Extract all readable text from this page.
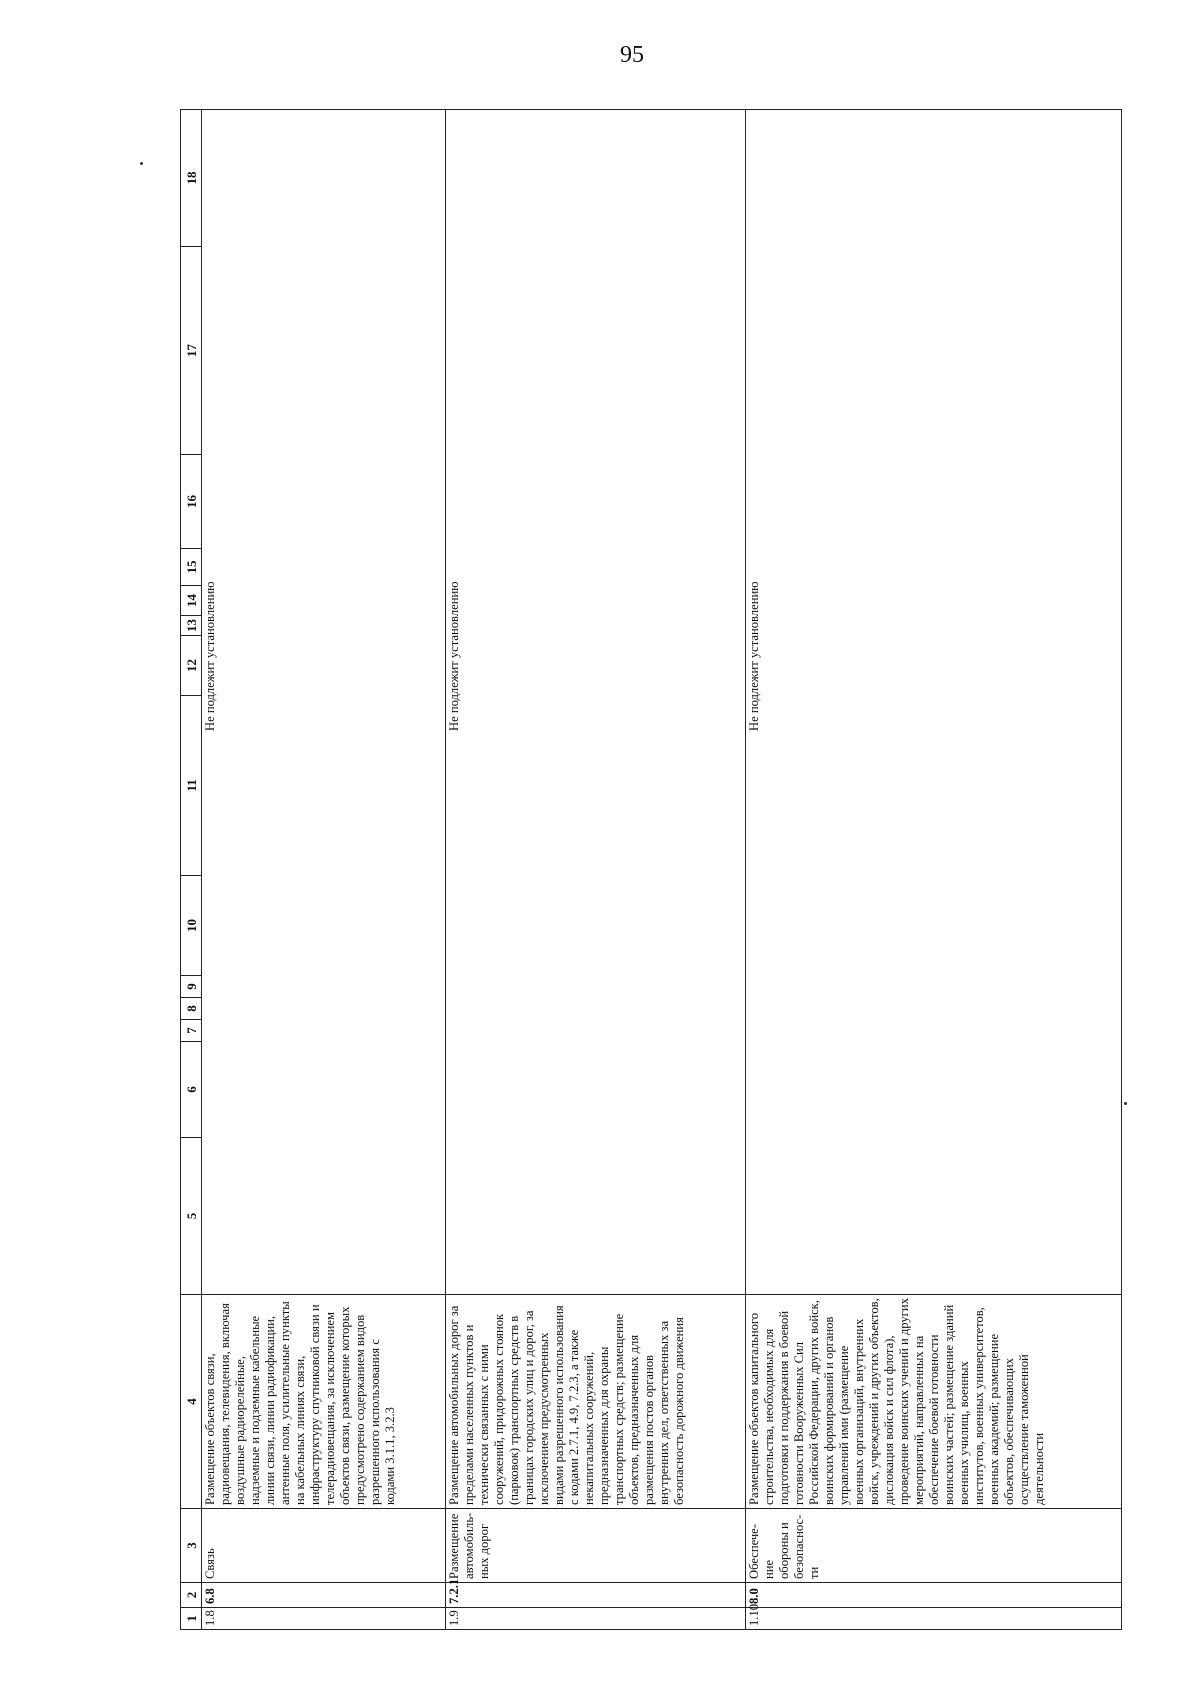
95
1	2	3	4	5	6	7	8	9	10	11	12	13	14	15	16	17	18
1.8	6.8	Связь	Размещение объектов связи, радиовещания, телевидения, включая воздушные радиорелейные, надземные и подземные кабельные линии связи, линии радиофикации, антенные поля, усилительные пункты на кабельных линиях связи, инфраструктуру спутниковой связи и телерадиовещания, за исключением объектов связи, размещение которых предусмотрено содержанием видов разрешенного использования с кодами 3.1.1, 3.2.3	Не подлежит установлению													

1.9	7.2.1	Размещение автомобиль-ных дорог	Размещение автомобильных дорог за пределами населенных пунктов и технически связанных с ними сооружений, придорожных стоянок (парковок) транспортных средств в границах городских улиц и дорог, за исключением предусмотренных видами разрешенного использования с кодами 2.7.1, 4.9, 7.2.3, а также некапитальных сооружений, предназначенных для охраны транспортных средств; размещение объектов, предназначенных для размещения постов органов внутренних дел, ответственных за безопасность дорожного движения	Не подлежит установлению													

1.10	8.0	Обеспече-ние обороны и безопаснос-ти	Размещение объектов капитального строительства, необходимых для подготовки и поддержания в боевой готовности Вооруженных Сил Российской Федерации, других войск, воинских формирований и органов управлений ими (размещение военных организаций, внутренних войск, учреждений и других объектов, дислокация войск и сил флота), проведение воинских учений и других мероприятий, направленных на обеспечение боевой готовности воинских частей; размещение зданий военных училищ, военных институтов, военных университетов, военных академий; размещение объектов, обеспечивающих осуществление таможенной деятельности	Не подлежит установлению													
